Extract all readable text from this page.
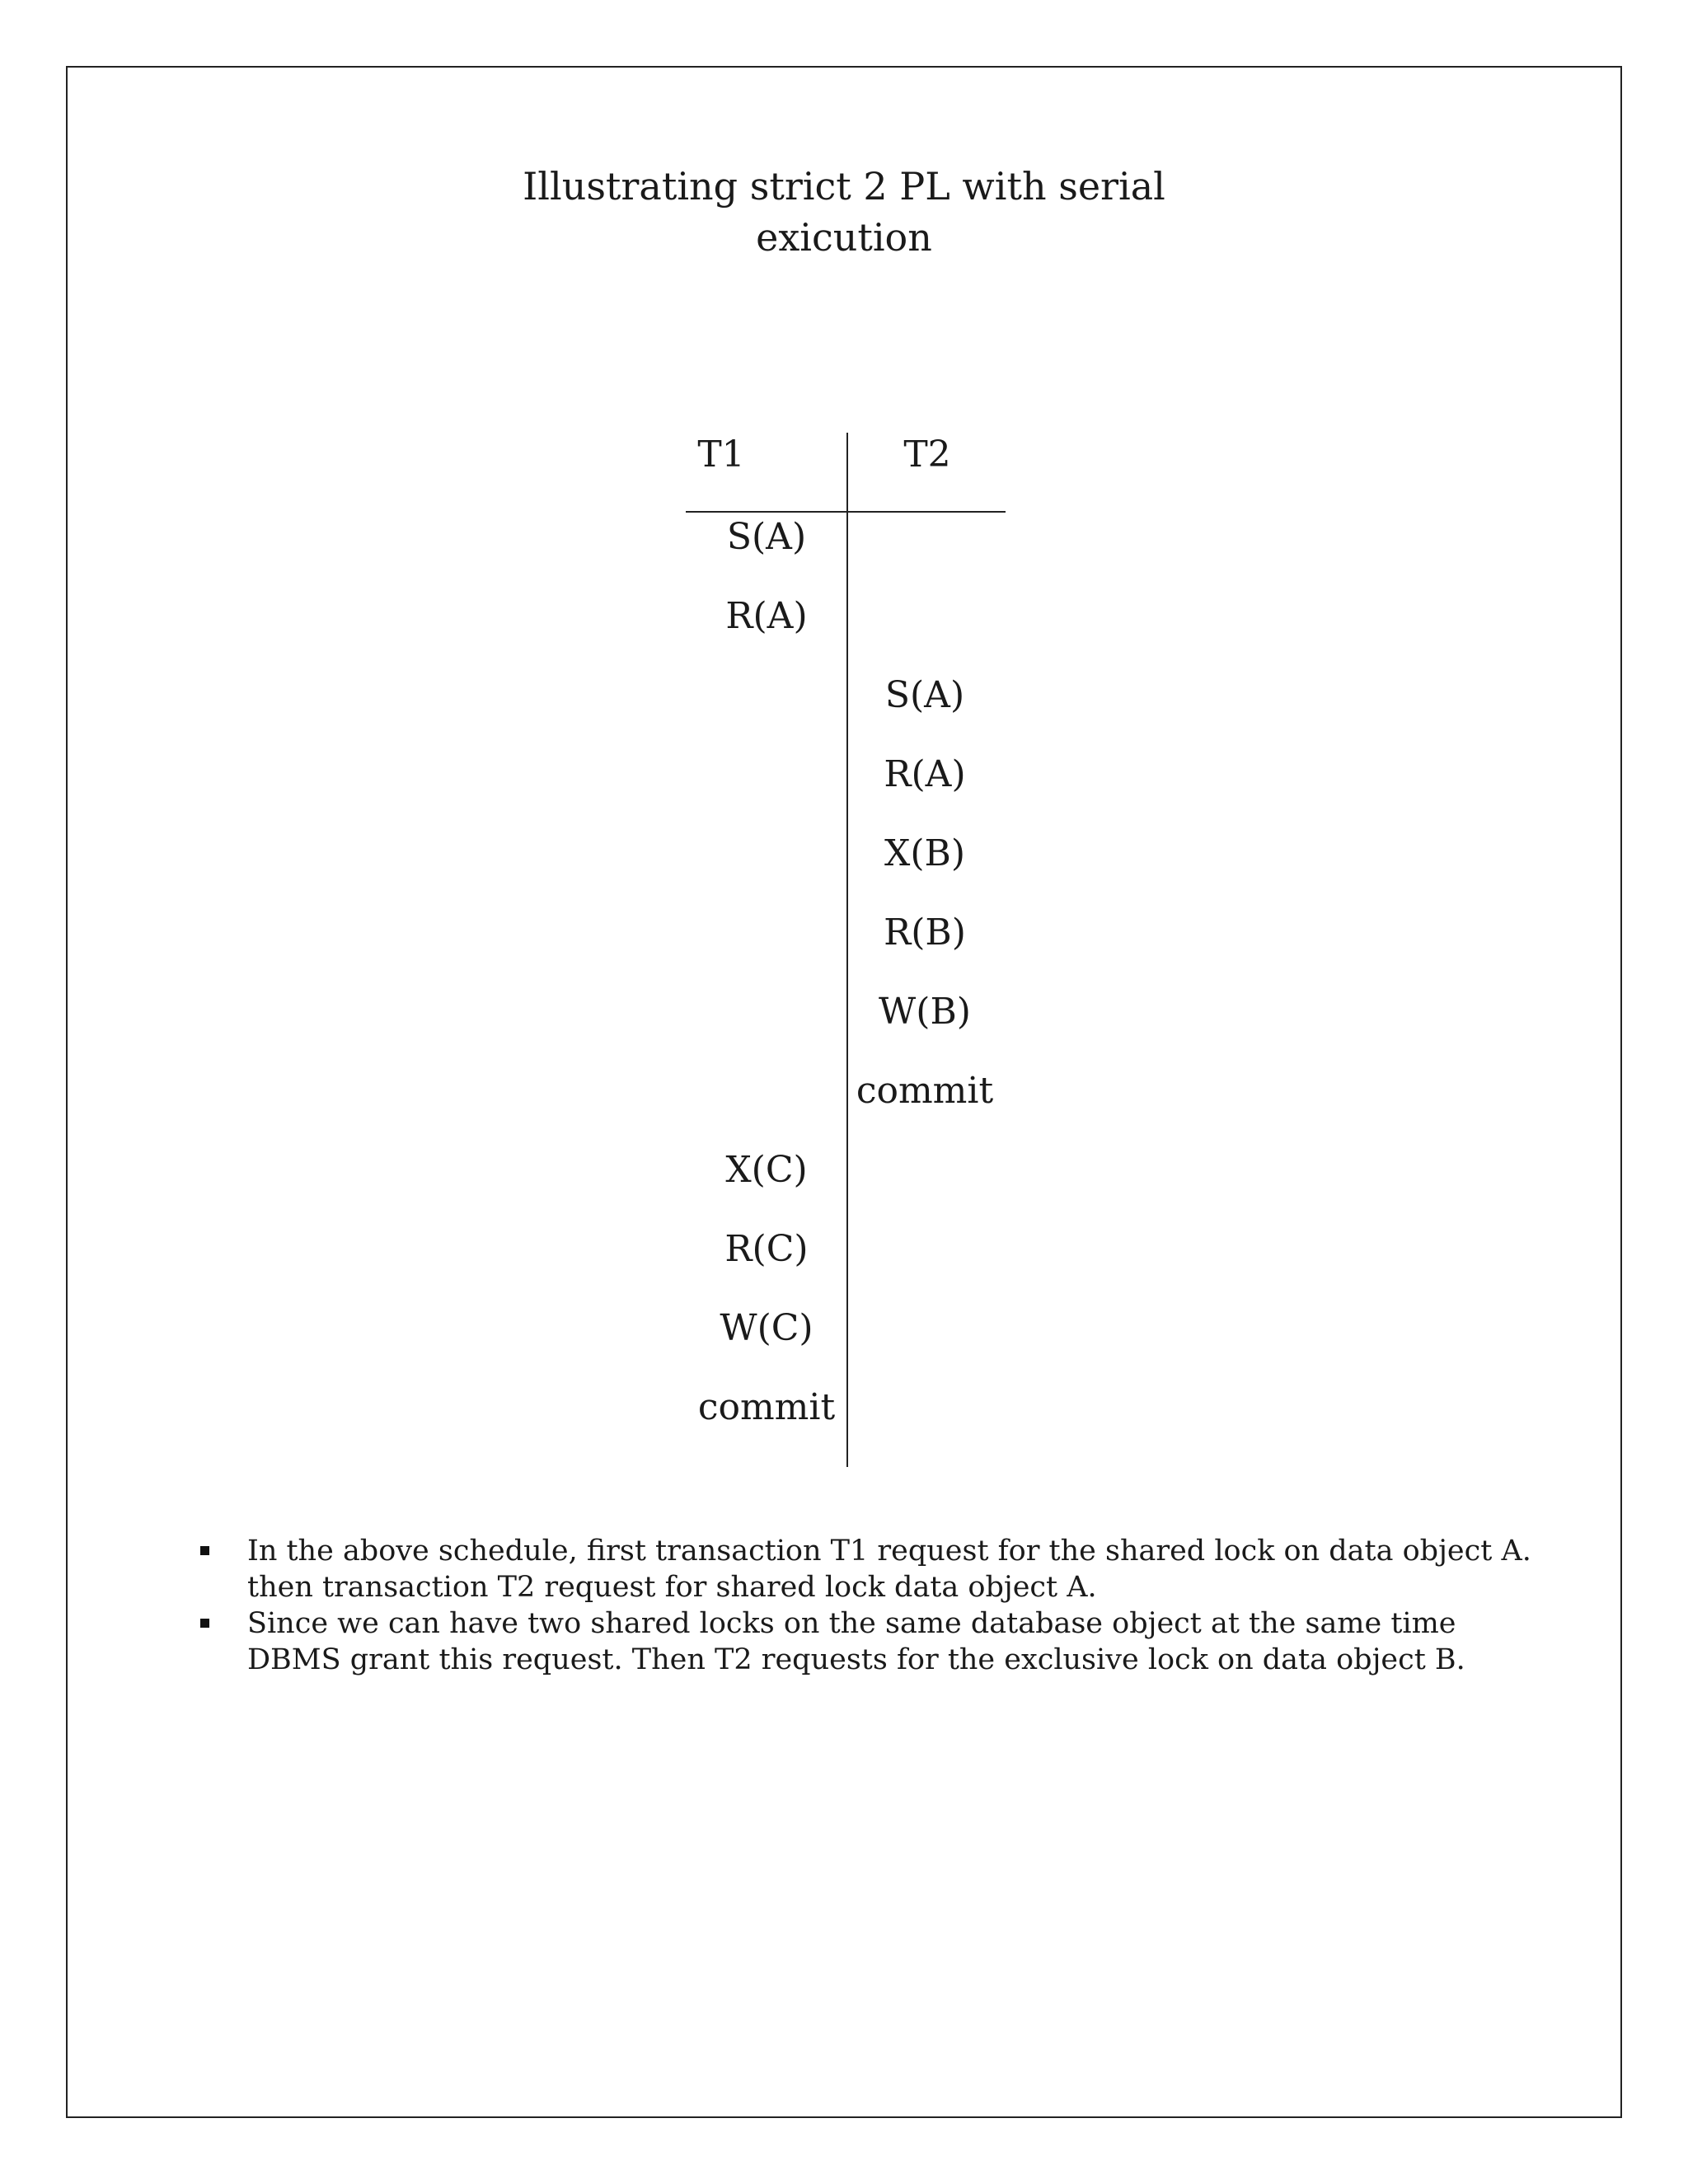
Illustrating strict 2 PL with serial
exicution
T1	T2
S(A)
R(A)
S(A)
R(A)
X(B)
R(B)
W(B)
commit
X(C)
R(C)
W(C)
commit
In the above schedule, first transaction T1 request for the shared lock on data object A. then transaction T2 request for shared lock data object A.
Since we can have two shared locks on the same database object at the same time DBMS grant this request. Then T2 requests for the exclusive lock on data object B.
